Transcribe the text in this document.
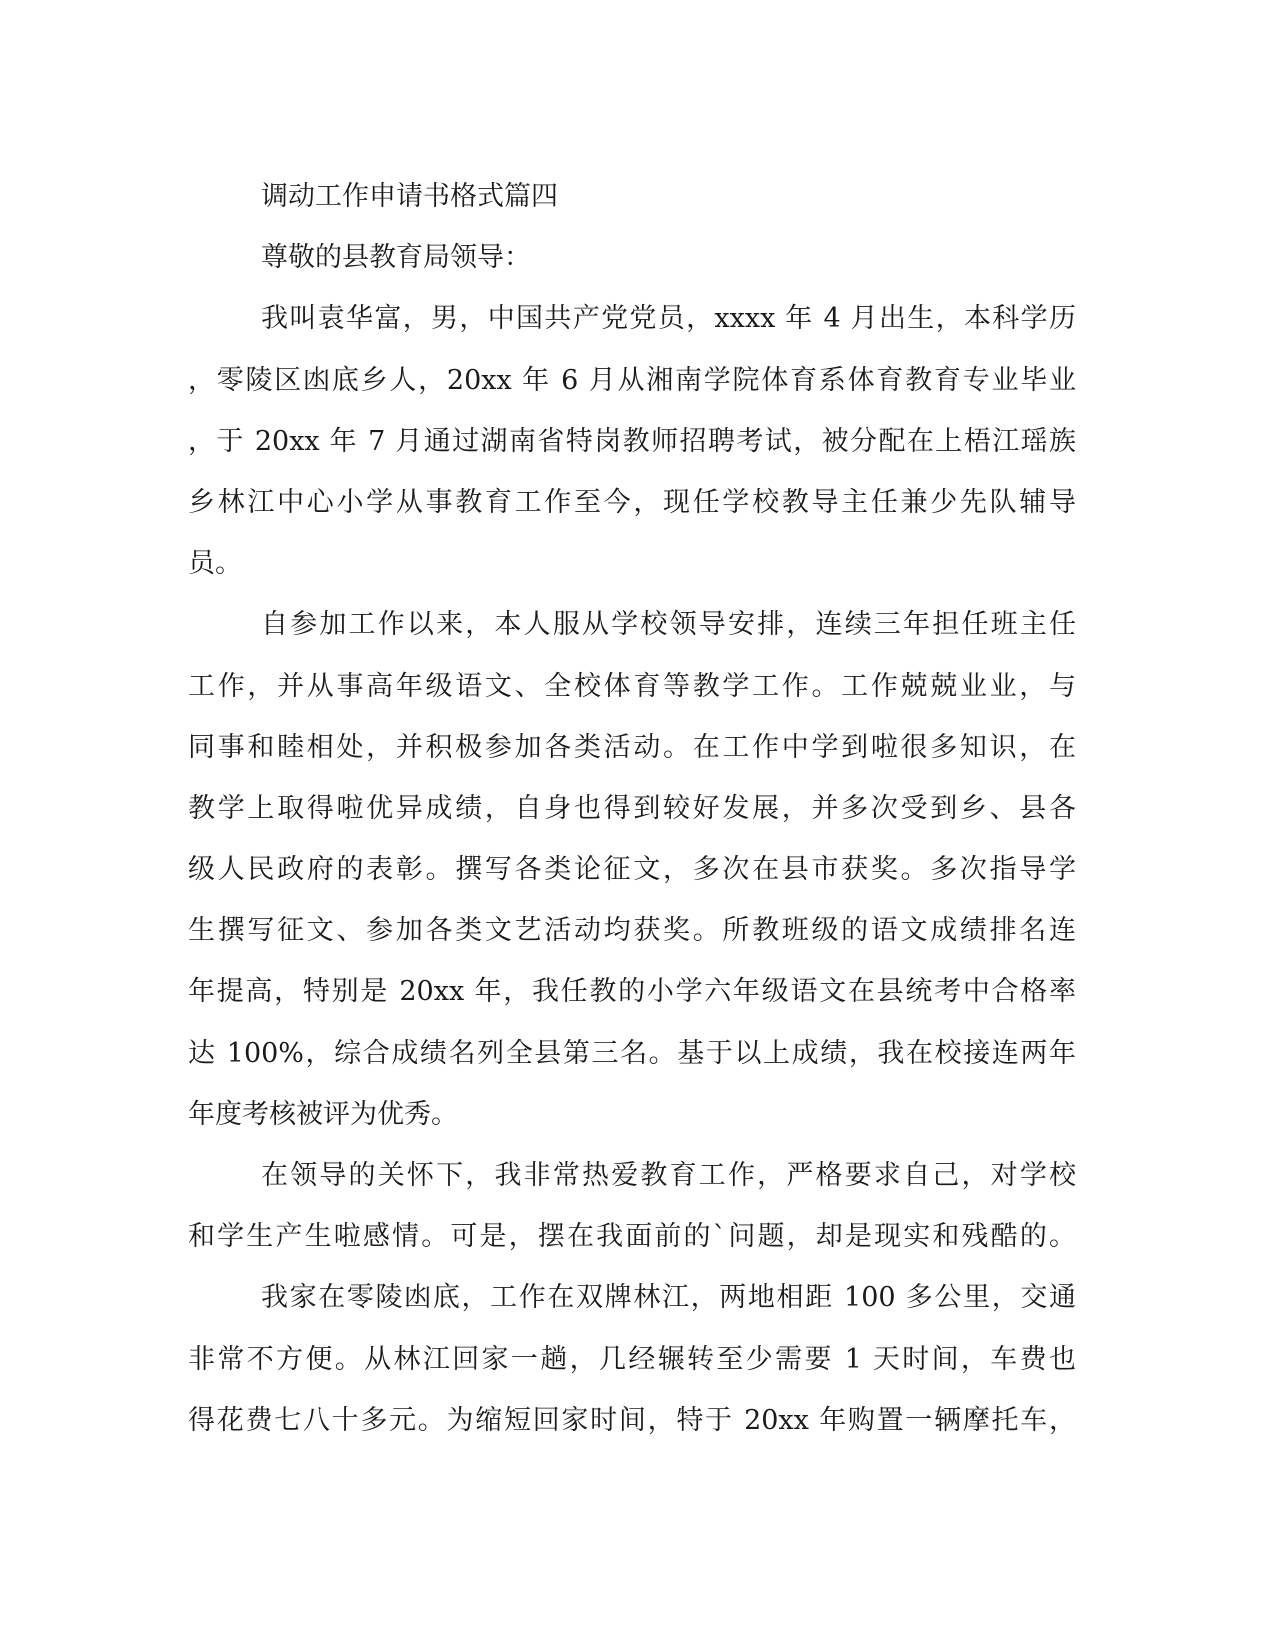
调动工作申请书格式篇四
尊敬的县教育局领导：
我叫袁华富，男，中国共产党党员，xxxx 年 4 月出生，本科学历
，零陵区凼底乡人，20xx 年 6 月从湘南学院体育系体育教育专业毕业
，于 20xx 年 7 月通过湖南省特岗教师招聘考试，被分配在上梧江瑶族
乡林江中心小学从事教育工作至今，现任学校教导主任兼少先队辅导
员。
自参加工作以来，本人服从学校领导安排，连续三年担任班主任
工作，并从事高年级语文、全校体育等教学工作。工作兢兢业业，与
同事和睦相处，并积极参加各类活动。在工作中学到啦很多知识，在
教学上取得啦优异成绩，自身也得到较好发展，并多次受到乡、县各
级人民政府的表彰。撰写各类论征文，多次在县市获奖。多次指导学
生撰写征文、参加各类文艺活动均获奖。所教班级的语文成绩排名连
年提高，特别是 20xx 年，我任教的小学六年级语文在县统考中合格率
达 100%，综合成绩名列全县第三名。基于以上成绩，我在校接连两年
年度考核被评为优秀。
在领导的关怀下，我非常热爱教育工作，严格要求自己，对学校
和学生产生啦感情。可是，摆在我面前的`问题，却是现实和残酷的。
我家在零陵凼底，工作在双牌林江，两地相距 100 多公里，交通
非常不方便。从林江回家一趟，几经辗转至少需要 1 天时间，车费也
得花费七八十多元。为缩短回家时间，特于 20xx 年购置一辆摩托车，
